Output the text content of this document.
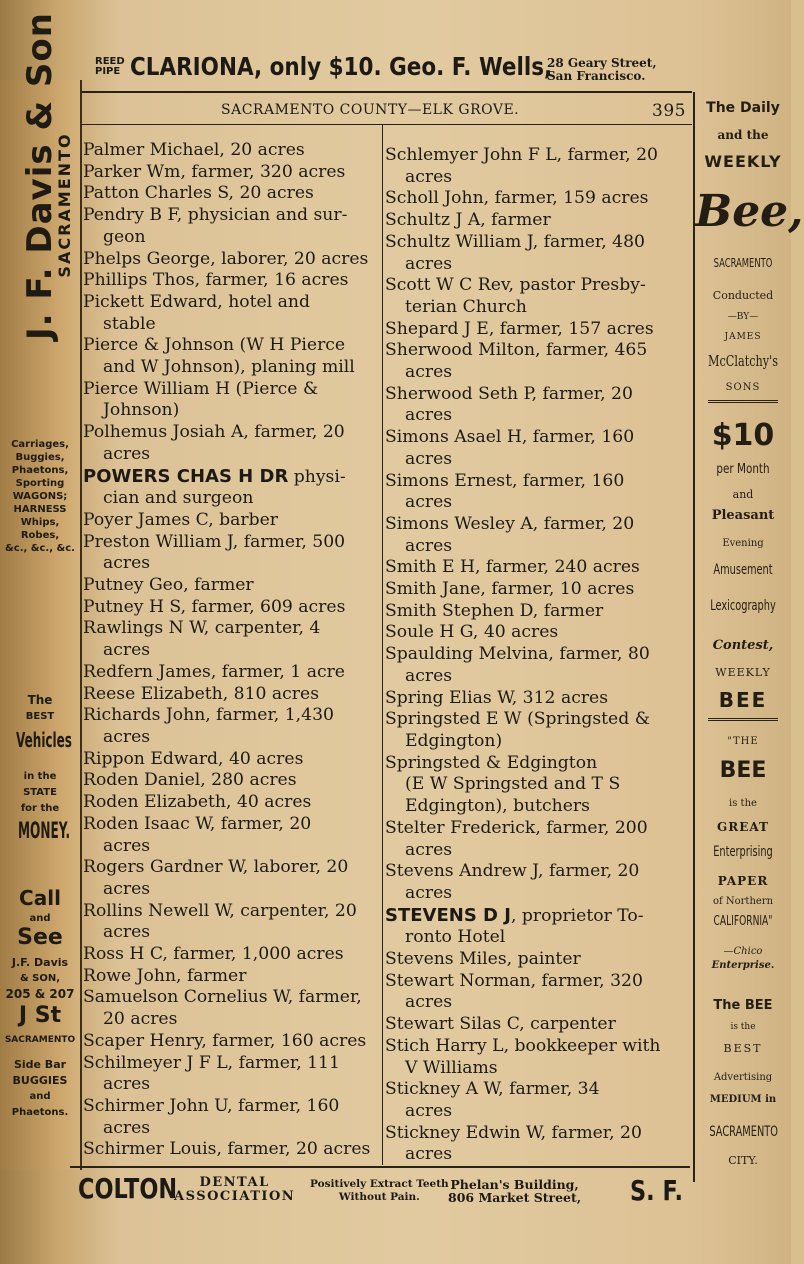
REED
PIPE CLARIONA, only $10. Geo. F. Wells,
28 Geary Street,
San Francisco.
SACRAMENTO COUNTY—ELK GROVE.	395
J. F. Davis & Son
SACRAMENTO
Carriages,
Buggies,
Phaetons,
Sporting
WAGONS;
HARNESS
Whips,
Robes,
&c., &c., &c.
The
BEST
Vehicles
in the
STATE
for the
MONEY.
Call
and
See
J.F. Davis
& SON,
205 & 207
J St
SACRAMENTO
Side Bar
BUGGIES
and
Phaetons.
Palmer Michael, 20 acres
Parker Wm, farmer, 320 acres
Patton Charles S, 20 acres
Pendry B F, physician and sur-
geon
Phelps George, laborer, 20 acres
Phillips Thos, farmer, 16 acres
Pickett Edward, hotel and
stable
Pierce & Johnson (W H Pierce
and W Johnson), planing mill
Pierce William H (Pierce &
Johnson)
Polhemus Josiah A, farmer, 20
acres
POWERS CHAS H DR physi-
cian and surgeon
Poyer James C, barber
Preston William J, farmer, 500
acres
Putney Geo, farmer
Putney H S, farmer, 609 acres
Rawlings N W, carpenter, 4
acres
Redfern James, farmer, 1 acre
Reese Elizabeth, 810 acres
Richards John, farmer, 1,430
acres
Rippon Edward, 40 acres
Roden Daniel, 280 acres
Roden Elizabeth, 40 acres
Roden Isaac W, farmer, 20
acres
Rogers Gardner W, laborer, 20
acres
Rollins Newell W, carpenter, 20
acres
Ross H C, farmer, 1,000 acres
Rowe John, farmer
Samuelson Cornelius W, farmer,
20 acres
Scaper Henry, farmer, 160 acres
Schilmeyer J F L, farmer, 111
acres
Schirmer John U, farmer, 160
acres
Schirmer Louis, farmer, 20 acres
Schlemyer John F L, farmer, 20
acres
Scholl John, farmer, 159 acres
Schultz J A, farmer
Schultz William J, farmer, 480
acres
Scott W C Rev, pastor Presby-
terian Church
Shepard J E, farmer, 157 acres
Sherwood Milton, farmer, 465
acres
Sherwood Seth P, farmer, 20
acres
Simons Asael H, farmer, 160
acres
Simons Ernest, farmer, 160
acres
Simons Wesley A, farmer, 20
acres
Smith E H, farmer, 240 acres
Smith Jane, farmer, 10 acres
Smith Stephen D, farmer
Soule H G, 40 acres
Spaulding Melvina, farmer, 80
acres
Spring Elias W, 312 acres
Springsted E W (Springsted &
Edgington)
Springsted & Edgington
(E W Springsted and T S
Edgington), butchers
Stelter Frederick, farmer, 200
acres
Stevens Andrew J, farmer, 20
acres
STEVENS D J, proprietor To-
ronto Hotel
Stevens Miles, painter
Stewart Norman, farmer, 320
acres
Stewart Silas C, carpenter
Stich Harry L, bookkeeper with
V Williams
Stickney A W, farmer, 34
acres
Stickney Edwin W, farmer, 20
acres
The Daily
and the
WEEKLY
Bee,
SACRAMENTO
Conducted
—BY—
JAMES
McClatchy's
SONS
$10
per Month
and
Pleasant
Evening
Amusement
Lexicography
Contest,
WEEKLY
BEE
"THE
BEE
is the
GREAT
Enterprising
PAPER
of Northern
CALIFORNIA"
—Chico
Enterprise.
The BEE
is the
BEST
Advertising
MEDIUM in
SACRAMENTO
CITY.
COLTON	DENTAL
ASSOCIATION
Positively Extract Teeth
Without Pain.
Phelan's Building,
806 Market Street, S. F.
